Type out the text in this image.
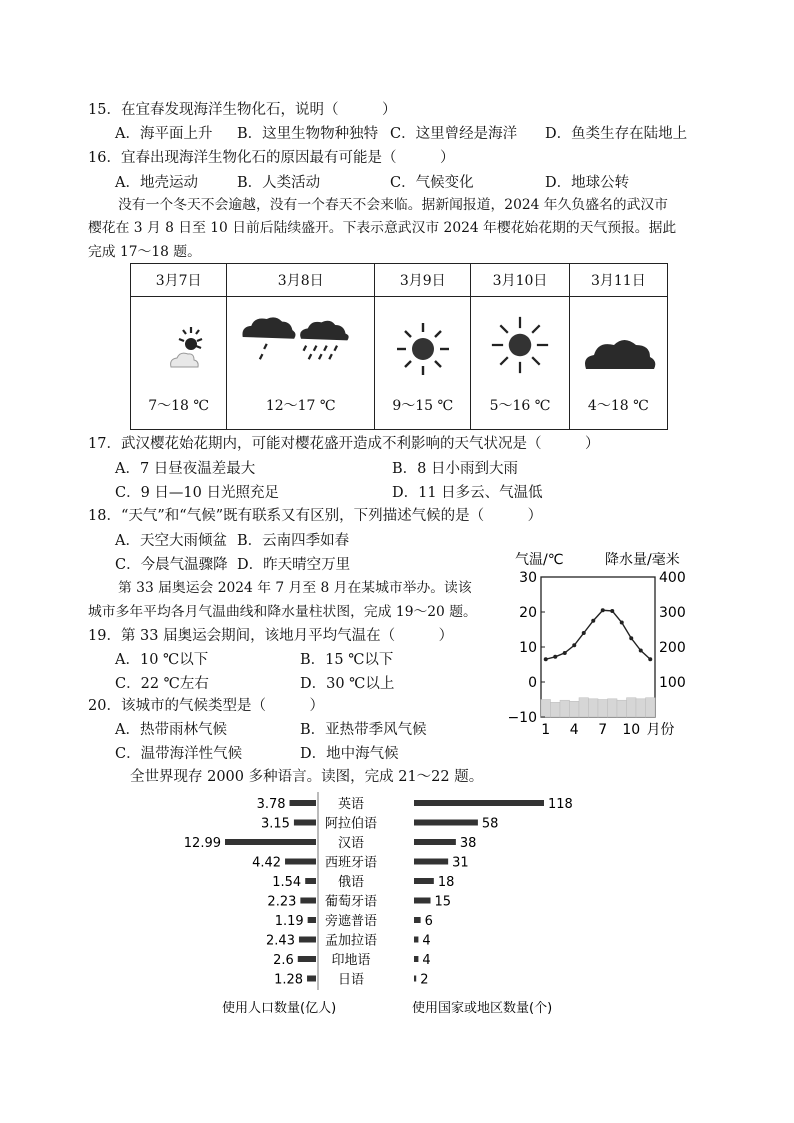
15．在宜春发现海洋生物化石，说明（　　　）
A．海平面上升 B．这里生物物种独特 C．这里曾经是海洋 D．鱼类生存在陆地上
16．宜春出现海洋生物化石的原因最有可能是（　　　）
A．地壳运动	B．人类活动	C．气候变化	D．地球公转
没有一个冬天不会逾越，没有一个春天不会来临。据新闻报道，2024 年久负盛名的武汉市
樱花在 3 月 8 日至 10 日前后陆续盛开。下表示意武汉市 2024 年樱花始花期的天气预报。据此
完成 17～18 题。
3月7日	3月8日	3月9日	3月10日	3月11日

7～18 ℃	12～17 ℃	9～15 ℃	5～16 ℃	4～18 ℃
17．武汉樱花始花期内，可能对樱花盛开造成不利影响的天气状况是（　　　）
A．7 日昼夜温差最大	B．8 日小雨到大雨
C．9 日—10 日光照充足	D．11 日多云、气温低
18．“天气”和“气候”既有联系又有区别，下列描述气候的是（　　　）
A．天空大雨倾盆 B．云南四季如春
C．今晨气温骤降 D．昨天晴空万里
第 33 届奥运会 2024 年 7 月至 8 月在某城市举办。读该
城市多年平均各月气温曲线和降水量柱状图，完成 19～20 题。
19．第 33 届奥运会期间，该地月平均气温在（　　　）
A．10 ℃以下	B．15 ℃以下
C．22 ℃左右	D．30 ℃以上
20．该城市的气候类型是（　　　）
A．热带雨林气候	B．亚热带季风气候
C．温带海洋性气候	D．地中海气候
气温/℃	降水量/毫米
30
20
10
0
−10
400
300
200
100
1 4 7 10 月份
全世界现存 2000 多种语言。读图，完成 21～22 题。
使用人口数量(亿人)	使用国家或地区数量(个)
英语
3.78	118
阿拉伯语
3.15	58
汉语
12.99	38
西班牙语
4.42	31
俄语
1.54	18
葡萄牙语
2.23	15
旁遮普语
1.19	6
孟加拉语
2.43	4
印地语
2.6	4
日语
1.28	2
